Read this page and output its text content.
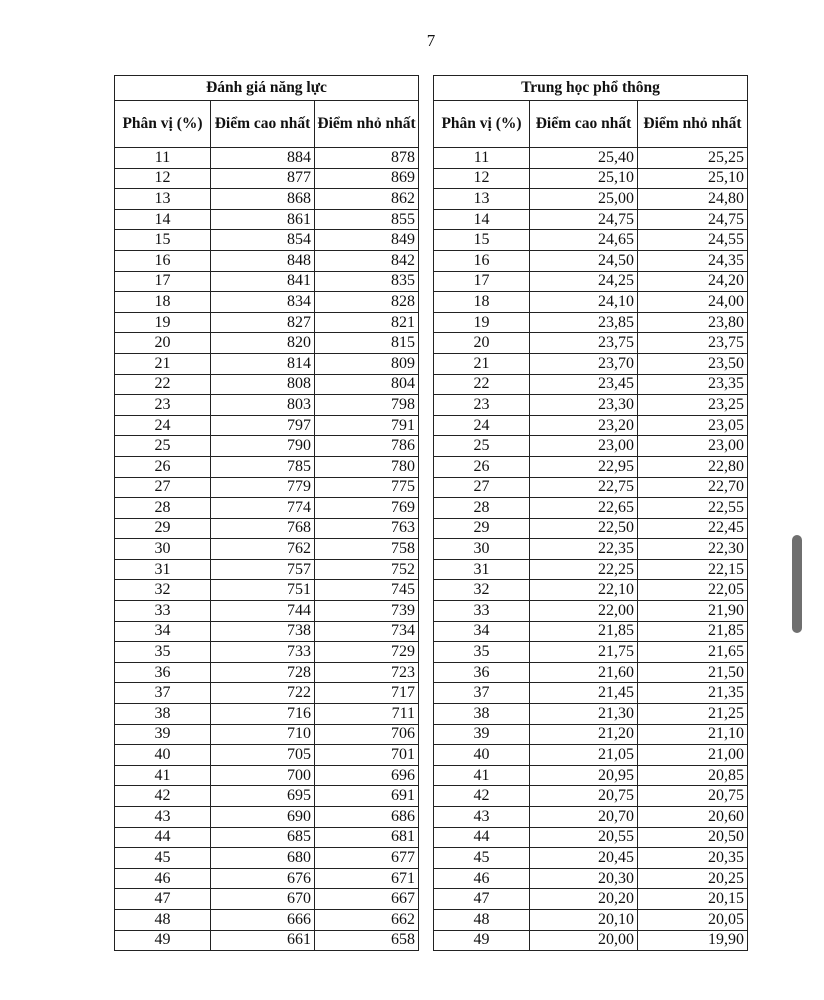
7
Đánh giá năng lực		
Phân vị (%)	Điểm cao nhất	Điểm nhỏ nhất
11	884	878
12	877	869
13	868	862
14	861	855
15	854	849
16	848	842
17	841	835
18	834	828
19	827	821
20	820	815
21	814	809
22	808	804
23	803	798
24	797	791
25	790	786
26	785	780
27	779	775
28	774	769
29	768	763
30	762	758
31	757	752
32	751	745
33	744	739
34	738	734
35	733	729
36	728	723
37	722	717
38	716	711
39	710	706
40	705	701
41	700	696
42	695	691
43	690	686
44	685	681
45	680	677
46	676	671
47	670	667
48	666	662
49	661	658
Trung học phổ thông		
Phân vị (%)	Điểm cao nhất	Điểm nhỏ nhất
11	25,40	25,25
12	25,10	25,10
13	25,00	24,80
14	24,75	24,75
15	24,65	24,55
16	24,50	24,35
17	24,25	24,20
18	24,10	24,00
19	23,85	23,80
20	23,75	23,75
21	23,70	23,50
22	23,45	23,35
23	23,30	23,25
24	23,20	23,05
25	23,00	23,00
26	22,95	22,80
27	22,75	22,70
28	22,65	22,55
29	22,50	22,45
30	22,35	22,30
31	22,25	22,15
32	22,10	22,05
33	22,00	21,90
34	21,85	21,85
35	21,75	21,65
36	21,60	21,50
37	21,45	21,35
38	21,30	21,25
39	21,20	21,10
40	21,05	21,00
41	20,95	20,85
42	20,75	20,75
43	20,70	20,60
44	20,55	20,50
45	20,45	20,35
46	20,30	20,25
47	20,20	20,15
48	20,10	20,05
49	20,00	19,90
